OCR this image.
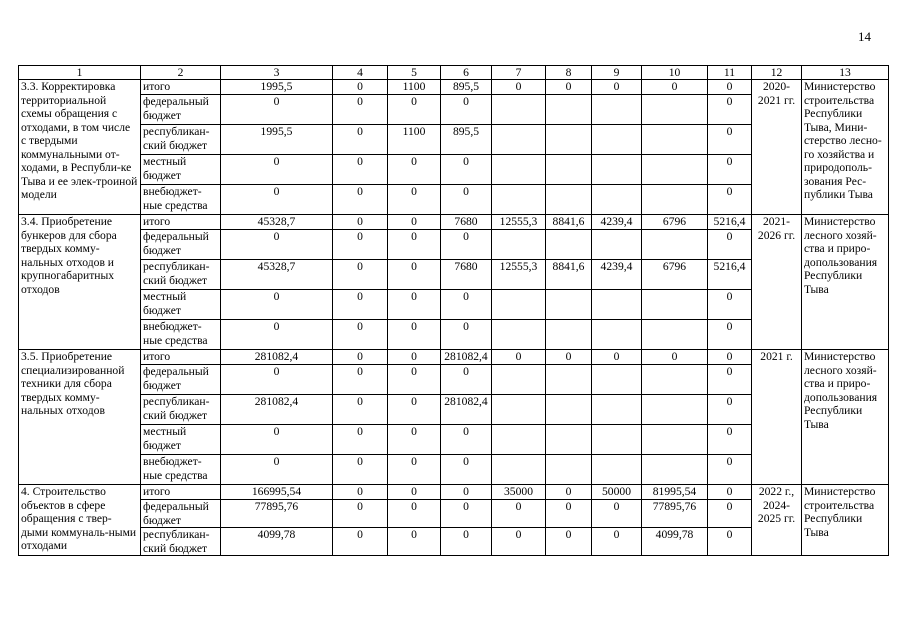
14
1	2	3	4	5	6	7	8	9	10	11	12	13
3.3. Корректировка территориальной схемы обращения с отходами, в том числе с твердыми коммунальными от-ходами, в Республи-ке Тыва и ее элек-троиной модели	итого	1995,5	0	1100	895,5	0	0	0	0	0	2020-2021 гг.	Министерство строительства Республики Тыва, Мини-стерство лесно-го хозяйства и природополь-зования Рес-публики Тыва
	федеральный бюджет	0	0	0	0					0		
	республикан-ский бюджет	1995,5	0	1100	895,5					0		
	местный бюджет	0	0	0	0					0		
	внебюджет-ные средства	0	0	0	0					0		
3.4. Приобретение бункеров для сбора твердых комму-нальных отходов и крупногабаритных отходов	итого	45328,7	0	0	7680	12555,3	8841,6	4239,4	6796	5216,4	2021-2026 гг.	Министерство лесного хозяй-ства и приро-допользования Республики Тыва
	федеральный бюджет	0	0	0	0					0		
	республикан-ский бюджет	45328,7	0	0	7680	12555,3	8841,6	4239,4	6796	5216,4		
	местный бюджет	0	0	0	0					0		
	внебюджет-ные средства	0	0	0	0					0		
3.5. Приобретение специализированной техники для сбора твердых комму-нальных отходов	итого	281082,4	0	0	281082,4	0	0	0	0	0	2021 г.	Министерство лесного хозяй-ства и приро-допользования Республики Тыва
	федеральный бюджет	0	0	0	0					0		
	республикан-ский бюджет	281082,4	0	0	281082,4					0		
	местный бюджет	0	0	0	0					0		
	внебюджет-ные средства	0	0	0	0					0		
4. Строительство объектов в сфере обращения с твер-дыми коммуналь-ными отходами	итого	166995,54	0	0	0	35000	0	50000	81995,54	0	2022 г., 2024-2025 гг.	Министерство строительства Республики Тыва
	федеральный бюджет	77895,76	0	0	0	0	0	0	77895,76	0		
	республикан-ский бюджет	4099,78	0	0	0	0	0	0	4099,78	0		
